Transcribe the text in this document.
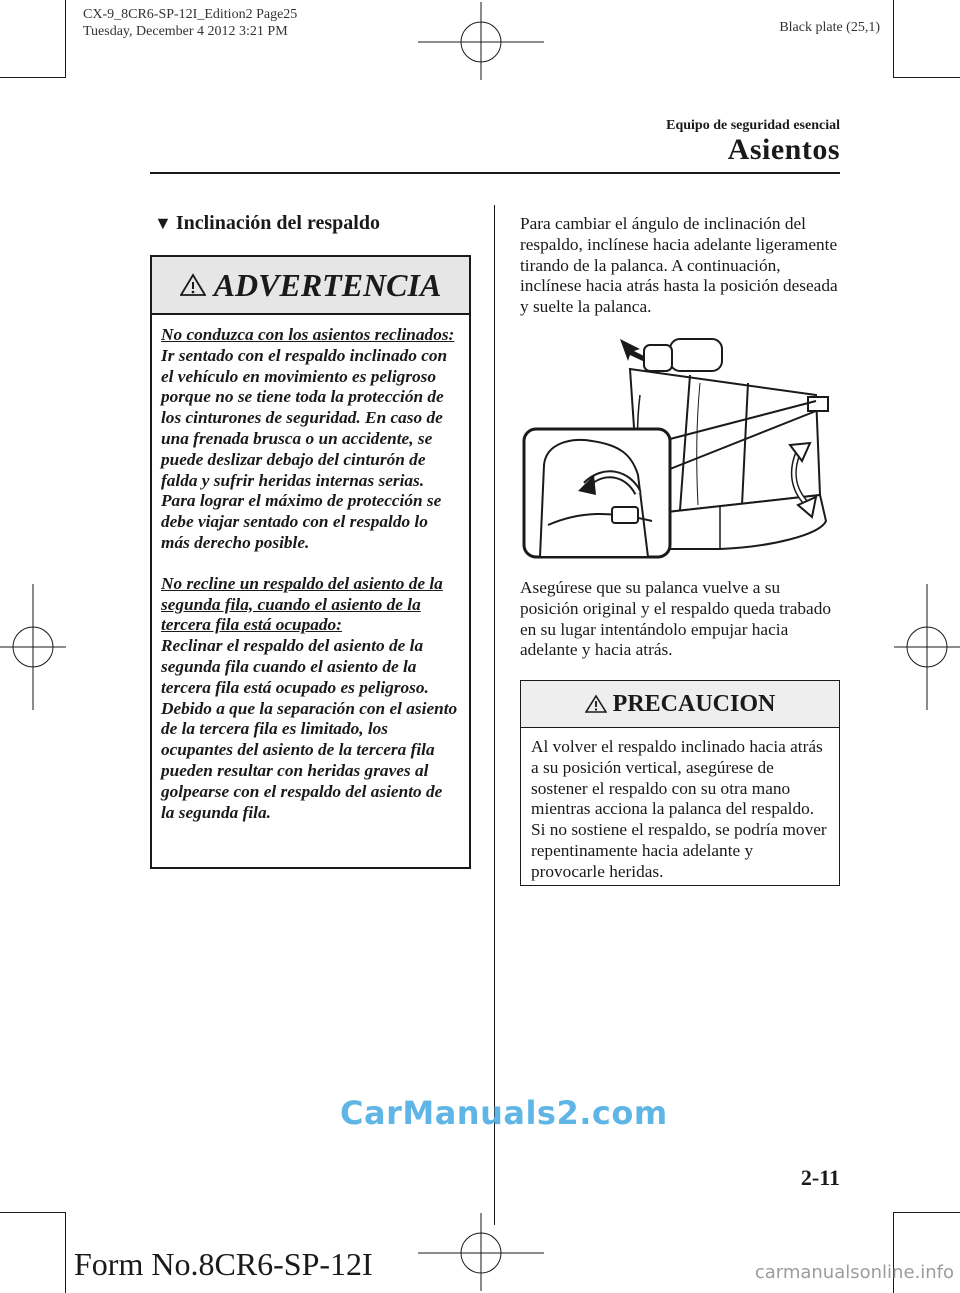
CX-9_8CR6-SP-12I_Edition2 Page25
Tuesday, December 4 2012 3:21 PM	Black plate (25,1)
Equipo de seguridad esencial
Asientos
▼ Inclinación del respaldo
ADVERTENCIA
No conduzca con los asientos reclinados:

Ir sentado con el respaldo inclinado con el vehículo en movimiento es peligroso porque no se tiene toda la protección de los cinturones de seguridad. En caso de una frenada brusca o un accidente, se puede deslizar debajo del cinturón de falda y sufrir heridas internas serias. Para lograr el máximo de protección se debe viajar sentado con el respaldo lo más derecho posible.

No recline un respaldo del asiento de la segunda fila, cuando el asiento de la tercera fila está ocupado:

Reclinar el respaldo del asiento de la segunda fila cuando el asiento de la tercera fila está ocupado es peligroso. Debido a que la separación con el asiento de la tercera fila es limitado, los ocupantes del asiento de la tercera fila pueden resultar con heridas graves al golpearse con el respaldo del asiento de la segunda fila.

Para cambiar el ángulo de inclinación del respaldo, inclínese hacia adelante ligeramente tirando de la palanca. A continuación, inclínese hacia atrás hasta la posición deseada y suelte la palanca.
Asegúrese que su palanca vuelve a su posición original y el respaldo queda trabado en su lugar intentándolo empujar hacia adelante y hacia atrás.
PRECAUCION
Al volver el respaldo inclinado hacia atrás a su posición vertical, asegúrese de sostener el respaldo con su otra mano mientras acciona la palanca del respaldo. Si no sostiene el respaldo, se podría mover repentinamente hacia adelante y provocarle heridas.
CarManuals2.com
2-11
Form No.8CR6-SP-12I	carmanualsonline.info
